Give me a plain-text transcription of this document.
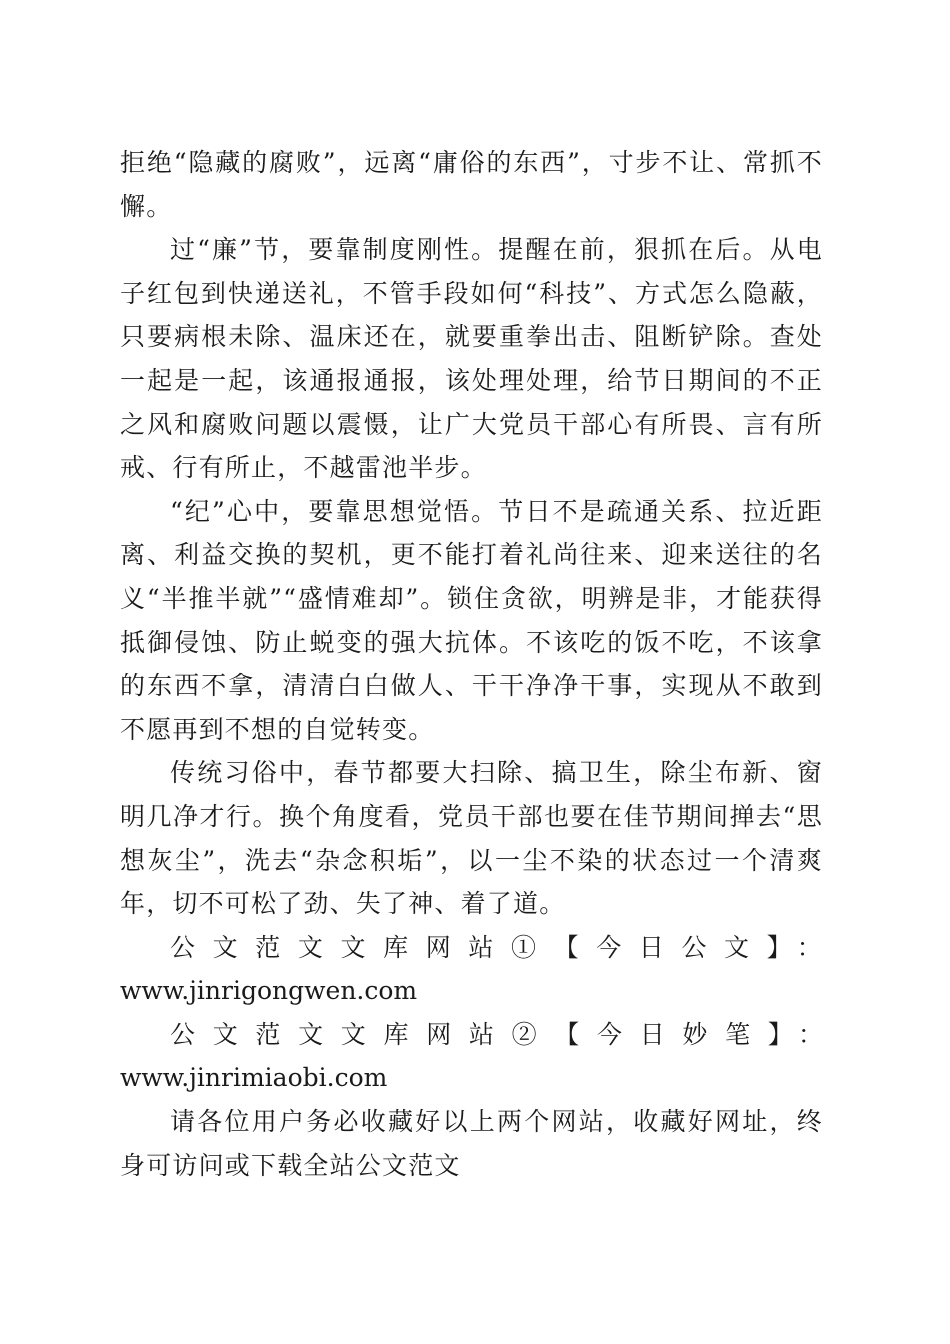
拒绝“隐藏的腐败”，远离“庸俗的东西”，寸步不让、常抓不懈。

过“廉”节，要靠制度刚性。提醒在前，狠抓在后。从电子红包到快递送礼，不管手段如何“科技”、方式怎么隐蔽，只要病根未除、温床还在，就要重拳出击、阻断铲除。查处一起是一起，该通报通报，该处理处理，给节日期间的不正之风和腐败问题以震慑，让广大党员干部心有所畏、言有所戒、行有所止，不越雷池半步。

“纪”心中，要靠思想觉悟。节日不是疏通关系、拉近距离、利益交换的契机，更不能打着礼尚往来、迎来送往的名义“半推半就”“盛情难却”。锁住贪欲，明辨是非，才能获得抵御侵蚀、防止蜕变的强大抗体。不该吃的饭不吃，不该拿的东西不拿，清清白白做人、干干净净干事，实现从不敢到不愿再到不想的自觉转变。

传统习俗中，春节都要大扫除、搞卫生，除尘布新、窗明几净才行。换个角度看，党员干部也要在佳节期间掸去“思想灰尘”，洗去“杂念积垢”，以一尘不染的状态过一个清爽年，切不可松了劲、失了神、着了道。

公文范文文库网站①【今日公文】：

www.jinrigongwen.com

公文范文文库网站②【今日妙笔】：www.jinrimiaobi.com

请各位用户务必收藏好以上两个网站，收藏好网址，终身可访问或下载全站公文范文
